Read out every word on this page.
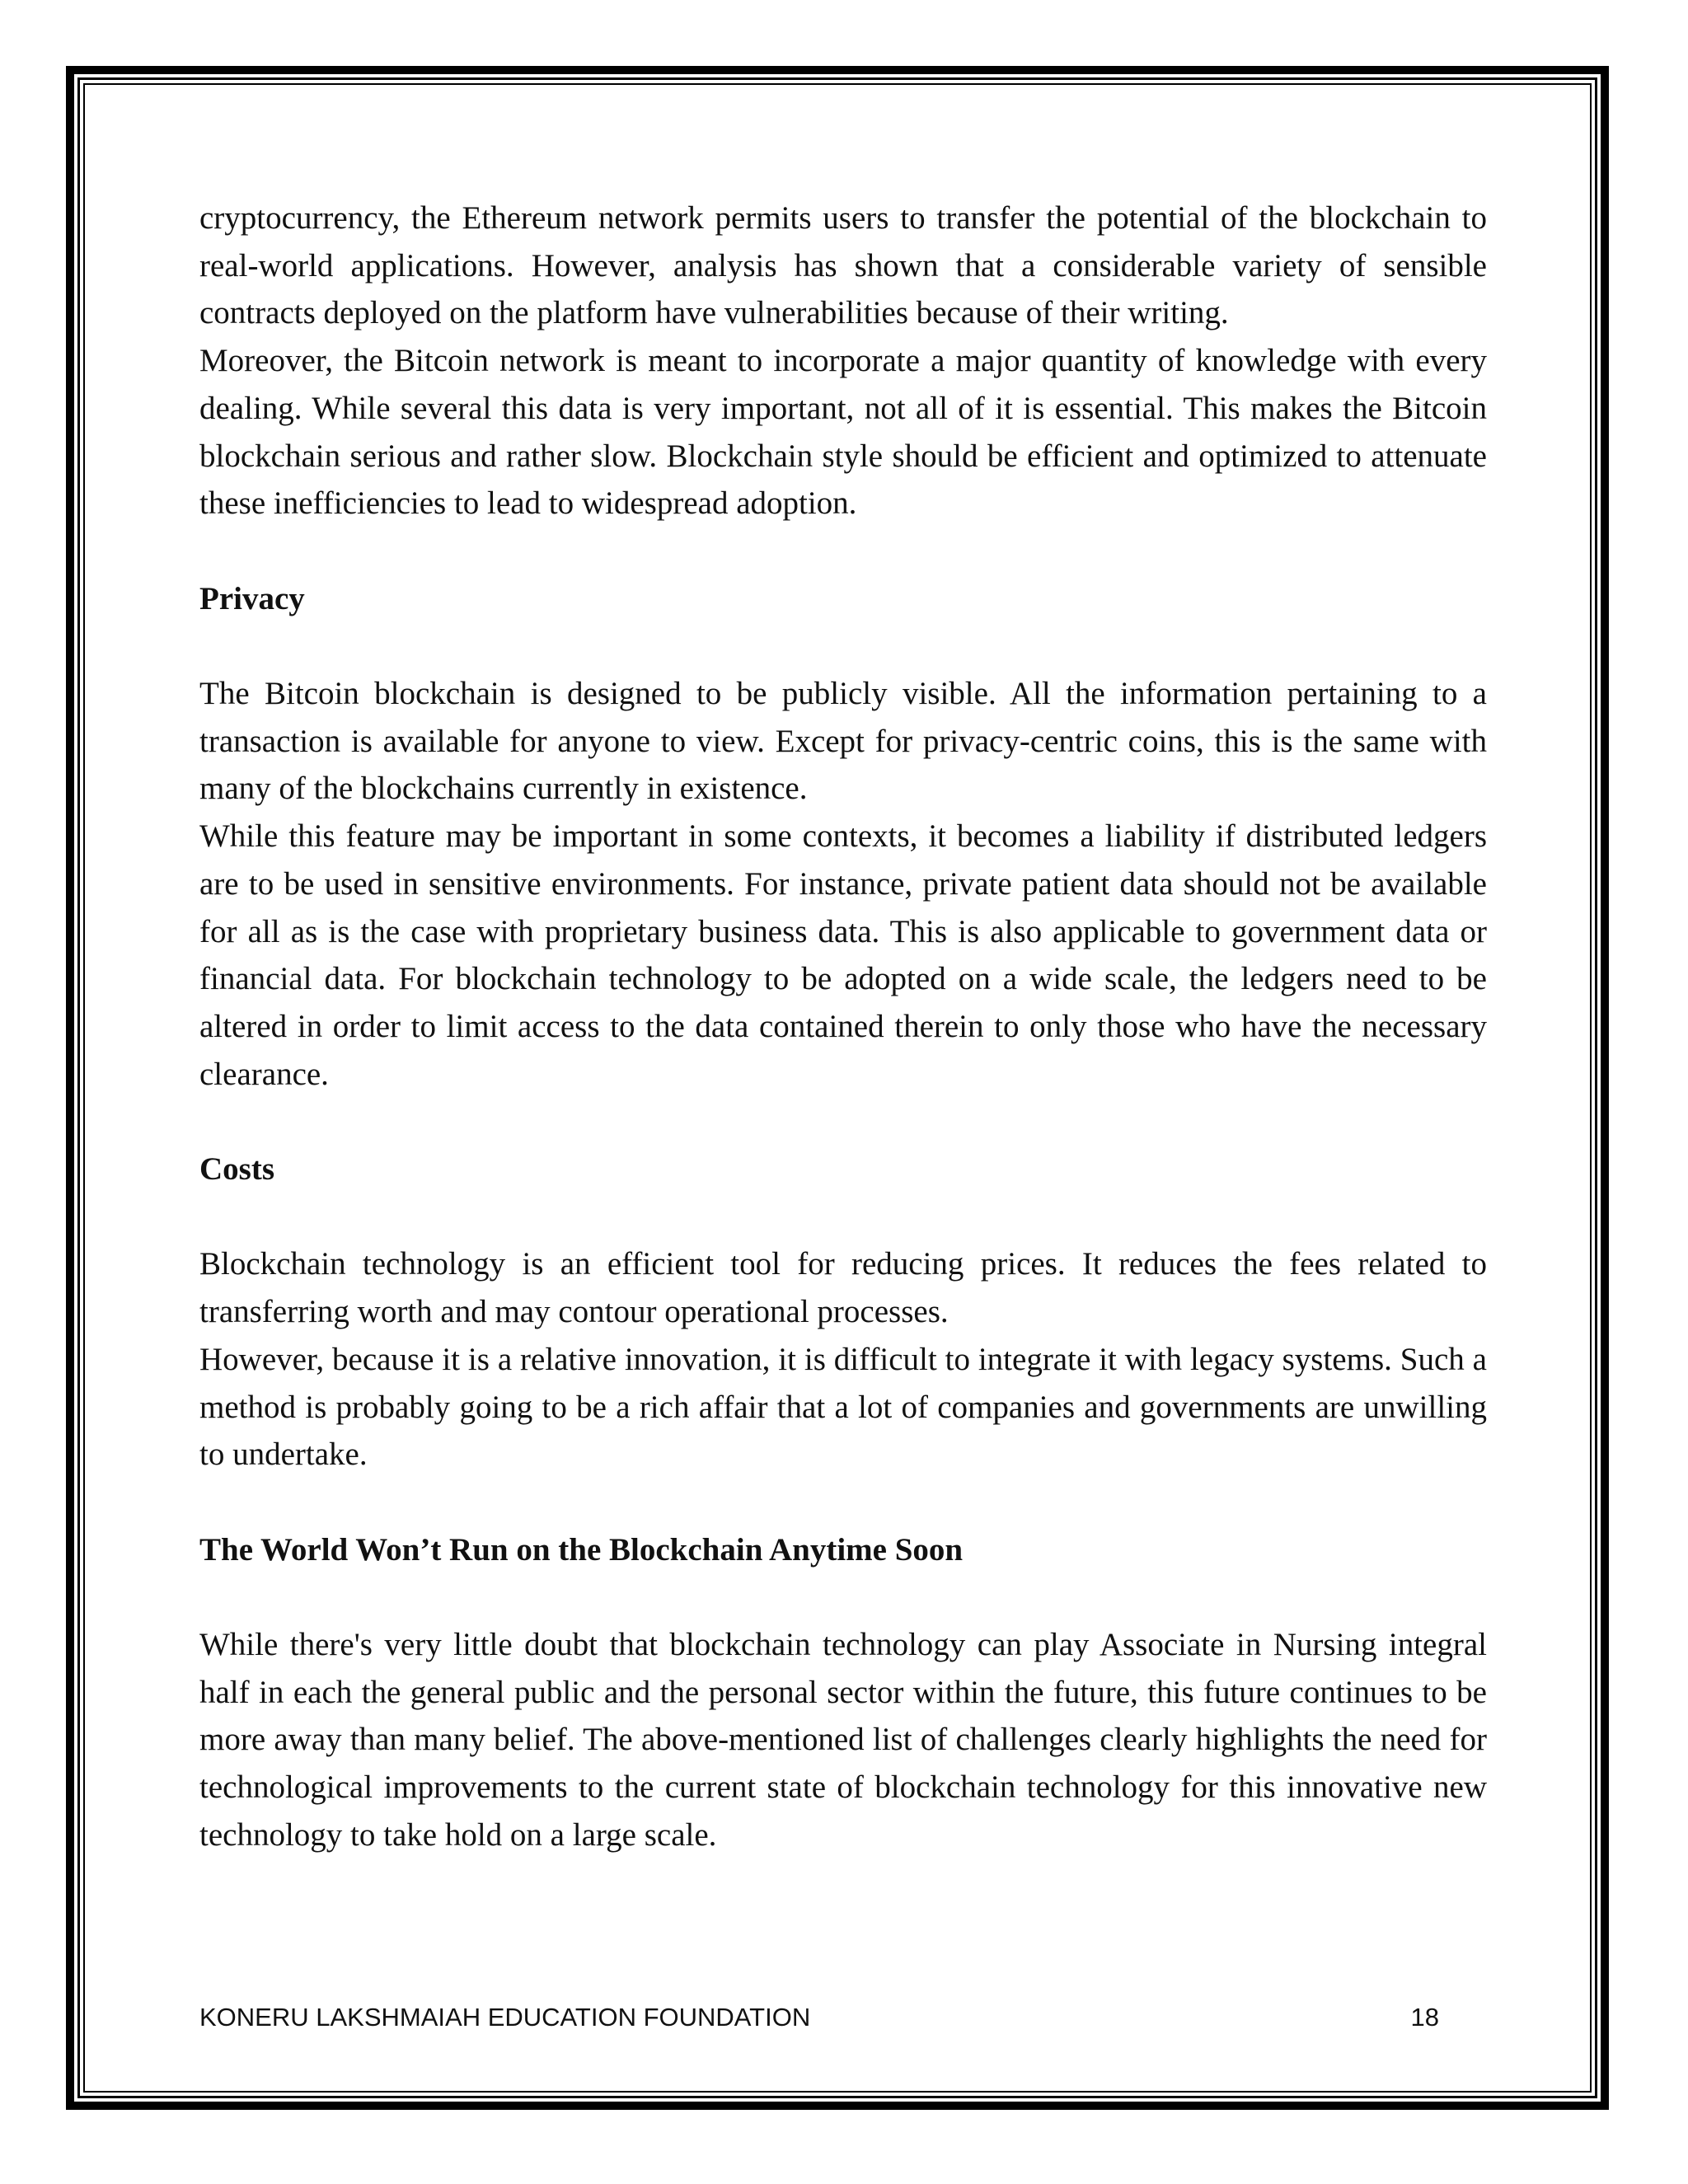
cryptocurrency, the Ethereum network permits users to transfer the potential of the blockchain to real-world applications. However, analysis has shown that a considerable variety of sensible contracts deployed on the platform have vulnerabilities because of their writing.

Moreover, the Bitcoin network is meant to incorporate a major quantity of knowledge with every dealing. While several this data is very important, not all of it is essential. This makes the Bitcoin blockchain serious and rather slow. Blockchain style should be efficient and optimized to attenuate these inefficiencies to lead to widespread adoption.

Privacy

The Bitcoin blockchain is designed to be publicly visible. All the information pertaining to a transaction is available for anyone to view. Except for privacy-centric coins, this is the same with many of the blockchains currently in existence.

While this feature may be important in some contexts, it becomes a liability if distributed ledgers are to be used in sensitive environments. For instance, private patient data should not be available for all as is the case with proprietary business data. This is also applicable to government data or financial data. For blockchain technology to be adopted on a wide scale, the ledgers need to be altered in order to limit access to the data contained therein to only those who have the necessary clearance.

Costs

Blockchain technology is an efficient tool for reducing prices. It reduces the fees related to transferring worth and may contour operational processes.

However, because it is a relative innovation, it is difficult to integrate it with legacy systems. Such a method is probably going to be a rich affair that a lot of companies and governments are unwilling to undertake.

The World Won’t Run on the Blockchain Anytime Soon

While there's very little doubt that blockchain technology can play Associate in Nursing integral half in each the general public and the personal sector within the future, this future continues to be more away than many belief. The above-mentioned list of challenges clearly highlights the need for technological improvements to the current state of blockchain technology for this innovative new technology to take hold on a large scale.

KONERU LAKSHMAIAH EDUCATION FOUNDATION	18
